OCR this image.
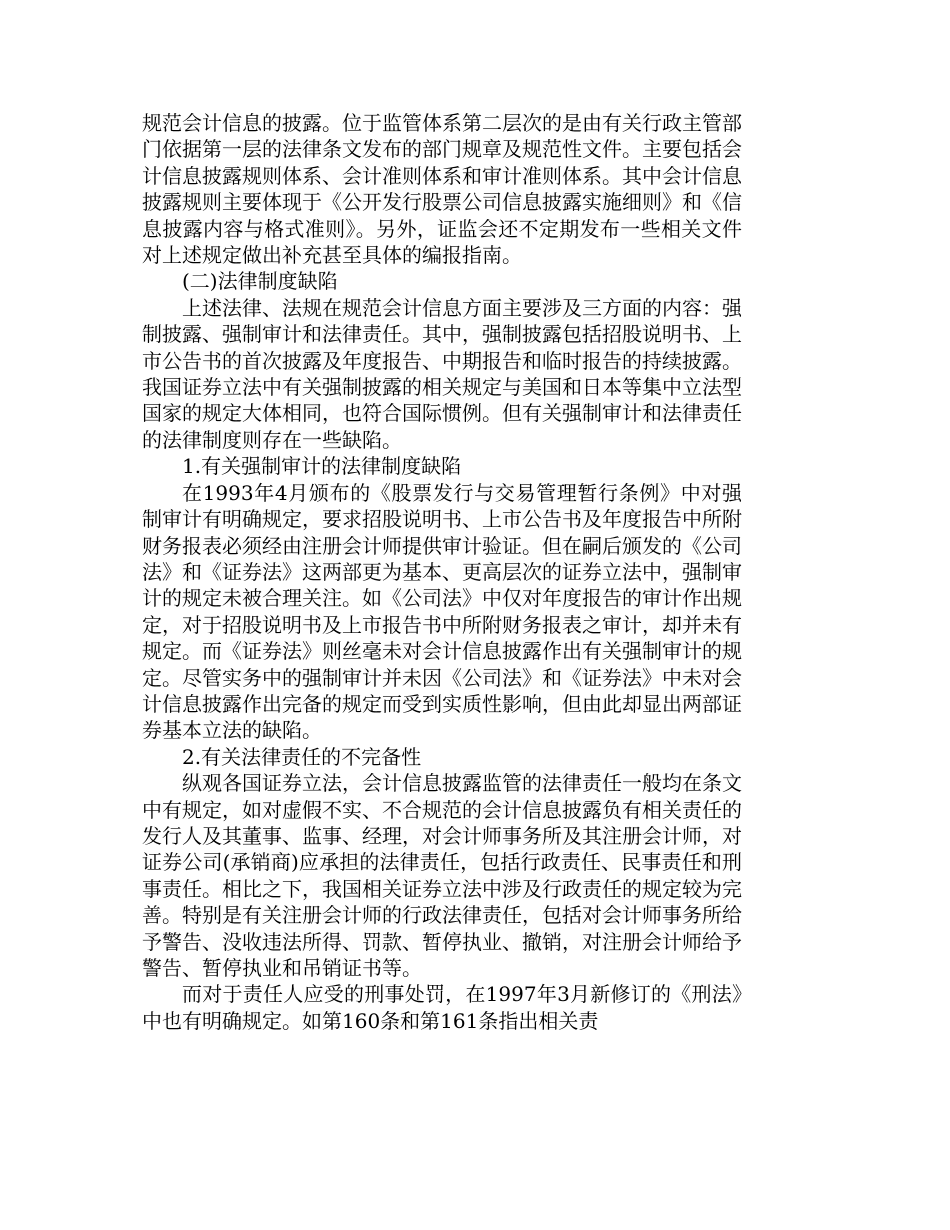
规范会计信息的披露。位于监管体系第二层次的是由有关行政主管部门依据第一层的法律条文发布的部门规章及规范性文件。主要包括会计信息披露规则体系、会计准则体系和审计准则体系。其中会计信息披露规则主要体现于《公开发行股票公司信息披露实施细则》和《信息披露内容与格式准则》。另外，证监会还不定期发布一些相关文件对上述规定做出补充甚至具体的编报指南。

(二)法律制度缺陷

上述法律、法规在规范会计信息方面主要涉及三方面的内容：强制披露、强制审计和法律责任。其中，强制披露包括招股说明书、上市公告书的首次披露及年度报告、中期报告和临时报告的持续披露。我国证券立法中有关强制披露的相关规定与美国和日本等集中立法型国家的规定大体相同，也符合国际惯例。但有关强制审计和法律责任的法律制度则存在一些缺陷。

1.有关强制审计的法律制度缺陷

在1993年4月颁布的《股票发行与交易管理暂行条例》中对强制审计有明确规定，要求招股说明书、上市公告书及年度报告中所附财务报表必须经由注册会计师提供审计验证。但在嗣后颁发的《公司法》和《证券法》这两部更为基本、更高层次的证券立法中，强制审计的规定未被合理关注。如《公司法》中仅对年度报告的审计作出规定，对于招股说明书及上市报告书中所附财务报表之审计，却并未有规定。而《证券法》则丝毫未对会计信息披露作出有关强制审计的规定。尽管实务中的强制审计并未因《公司法》和《证券法》中未对会计信息披露作出完备的规定而受到实质性影响，但由此却显出两部证券基本立法的缺陷。

2.有关法律责任的不完备性

纵观各国证券立法，会计信息披露监管的法律责任一般均在条文中有规定，如对虚假不实、不合规范的会计信息披露负有相关责任的发行人及其董事、监事、经理，对会计师事务所及其注册会计师，对证券公司(承销商)应承担的法律责任，包括行政责任、民事责任和刑事责任。相比之下，我国相关证券立法中涉及行政责任的规定较为完善。特别是有关注册会计师的行政法律责任，包括对会计师事务所给予警告、没收违法所得、罚款、暂停执业、撤销，对注册会计师给予警告、暂停执业和吊销证书等。

而对于责任人应受的刑事处罚，在1997年3月新修订的《刑法》中也有明确规定。如第160条和第161条指出相关责
